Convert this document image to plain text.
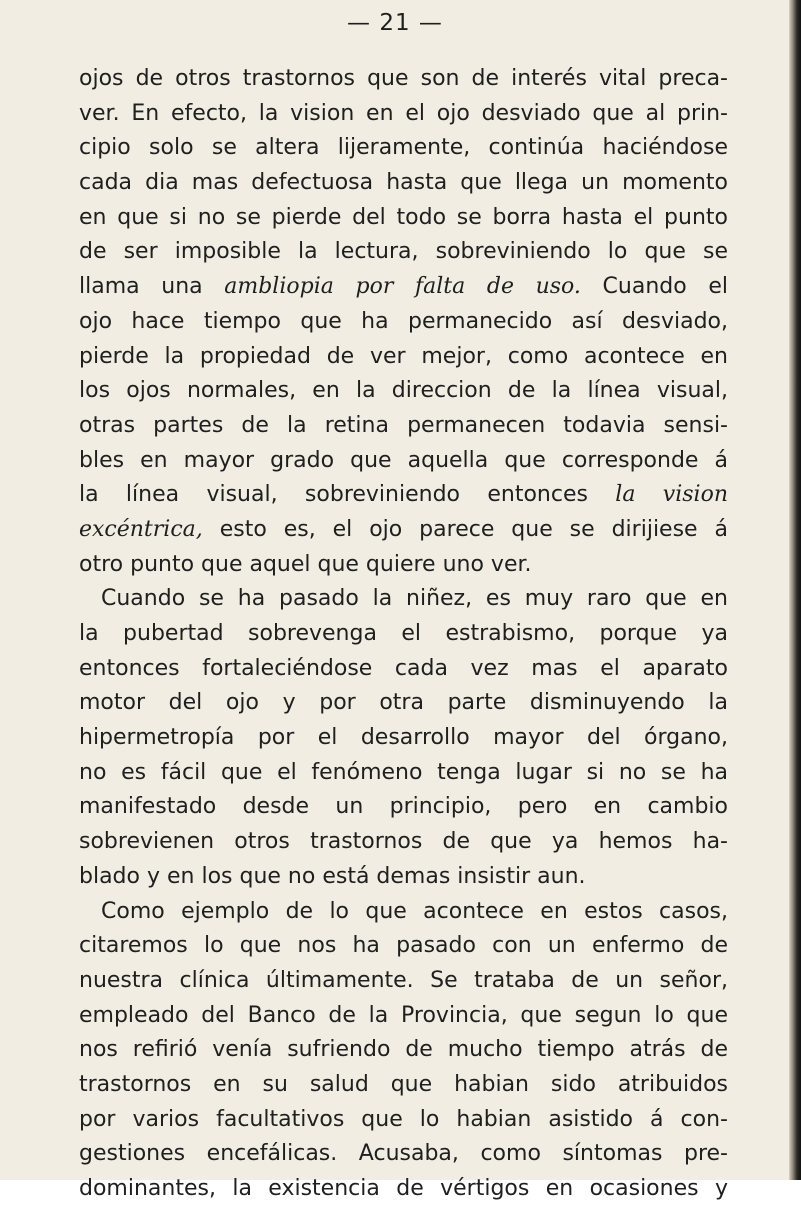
— 21 —
ojos de otros trastornos que son de interés vital preca-
ver. En efecto, la vision en el ojo desviado que al prin-
cipio solo se altera lijeramente, continúa haciéndose
cada dia mas defectuosa hasta que llega un momento
en que si no se pierde del todo se borra hasta el punto
de ser imposible la lectura, sobreviniendo lo que se
llama una ambliopia por falta de uso. Cuando el
ojo hace tiempo que ha permanecido así desviado,
pierde la propiedad de ver mejor, como acontece en
los ojos normales, en la direccion de la línea visual,
otras partes de la retina permanecen todavia sensi-
bles en mayor grado que aquella que corresponde á
la línea visual, sobreviniendo entonces la vision
excéntrica, esto es, el ojo parece que se dirijiese á
otro punto que aquel que quiere uno ver.
Cuando se ha pasado la niñez, es muy raro que en
la pubertad sobrevenga el estrabismo, porque ya
entonces fortaleciéndose cada vez mas el aparato
motor del ojo y por otra parte disminuyendo la
hipermetropía por el desarrollo mayor del órgano,
no es fácil que el fenómeno tenga lugar si no se ha
manifestado desde un principio, pero en cambio
sobrevienen otros trastornos de que ya hemos ha-
blado y en los que no está demas insistir aun.
Como ejemplo de lo que acontece en estos casos,
citaremos lo que nos ha pasado con un enfermo de
nuestra clínica últimamente. Se trataba de un señor,
empleado del Banco de la Provincia, que segun lo que
nos refirió venía sufriendo de mucho tiempo atrás de
trastornos en su salud que habian sido atribuidos
por varios facultativos que lo habian asistido á con-
gestiones encefálicas. Acusaba, como síntomas pre-
dominantes, la existencia de vértigos en ocasiones y
